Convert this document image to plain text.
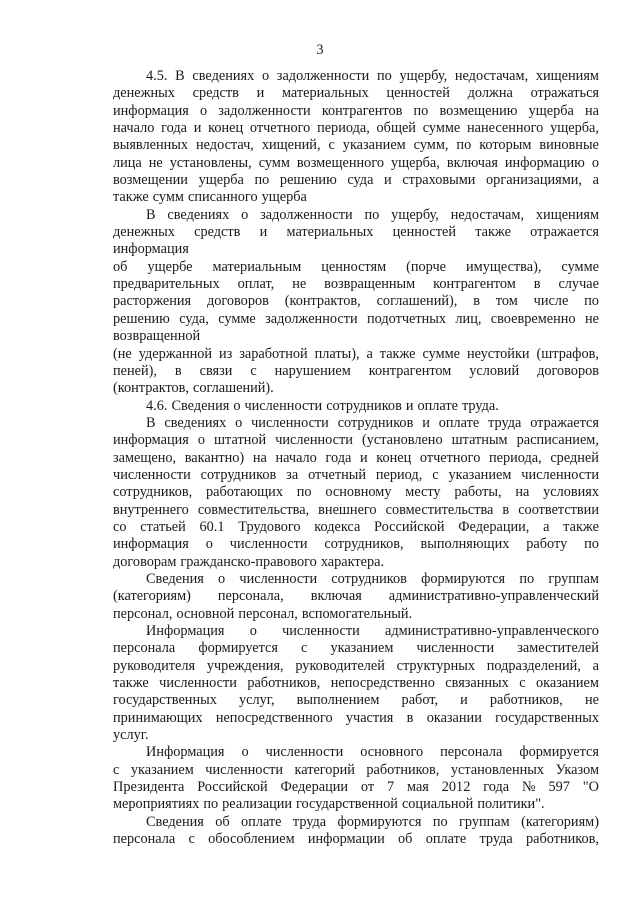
3
4.5. В сведениях о задолженности по ущербу, недостачам, хищениям
денежных средств и материальных ценностей должна отражаться
информация о задолженности контрагентов по возмещению ущерба на
начало года и конец отчетного периода, общей сумме нанесенного ущерба,
выявленных недостач, хищений, с указанием сумм, по которым виновные
лица не установлены, сумм возмещенного ущерба, включая информацию о
возмещении ущерба по решению суда и страховыми организациями, а
также сумм списанного ущерба
В сведениях о задолженности по ущербу, недостачам, хищениям
денежных средств и материальных ценностей также отражается
информация
об ущербе материальным ценностям (порче имущества), сумме
предварительных оплат, не возвращенным контрагентом в случае
расторжения договоров (контрактов, соглашений), в том числе по
решению суда, сумме задолженности подотчетных лиц, своевременно не
возвращенной
(не удержанной из заработной платы), а также сумме неустойки (штрафов,
пеней), в связи с нарушением контрагентом условий договоров
(контрактов, соглашений).
4.6. Сведения о численности сотрудников и оплате труда.
В сведениях о численности сотрудников и оплате труда отражается
информация о штатной численности (установлено штатным расписанием,
замещено, вакантно) на начало года и конец отчетного периода, средней
численности сотрудников за отчетный период, с указанием численности
сотрудников, работающих по основному месту работы, на условиях
внутреннего совместительства, внешнего совместительства в соответствии
со статьей 60.1 Трудового кодекса Российской Федерации, а также
информация о численности сотрудников, выполняющих работу по
договорам гражданско-правового характера.
Сведения о численности сотрудников формируются по группам
(категориям) персонала, включая административно-управленческий
персонал, основной персонал, вспомогательный.
Информация о численности административно-управленческого
персонала формируется с указанием численности заместителей
руководителя учреждения, руководителей структурных подразделений, а
также численности работников, непосредственно связанных с оказанием
государственных услуг, выполнением работ, и работников, не
принимающих непосредственного участия в оказании государственных
услуг.
Информация о численности основного персонала формируется
с указанием численности категорий работников, установленных Указом
Президента Российской Федерации от 7 мая 2012 года № 597 "О
мероприятиях по реализации государственной социальной политики".
Сведения об оплате труда формируются по группам (категориям)
персонала с обособлением информации об оплате труда работников,
